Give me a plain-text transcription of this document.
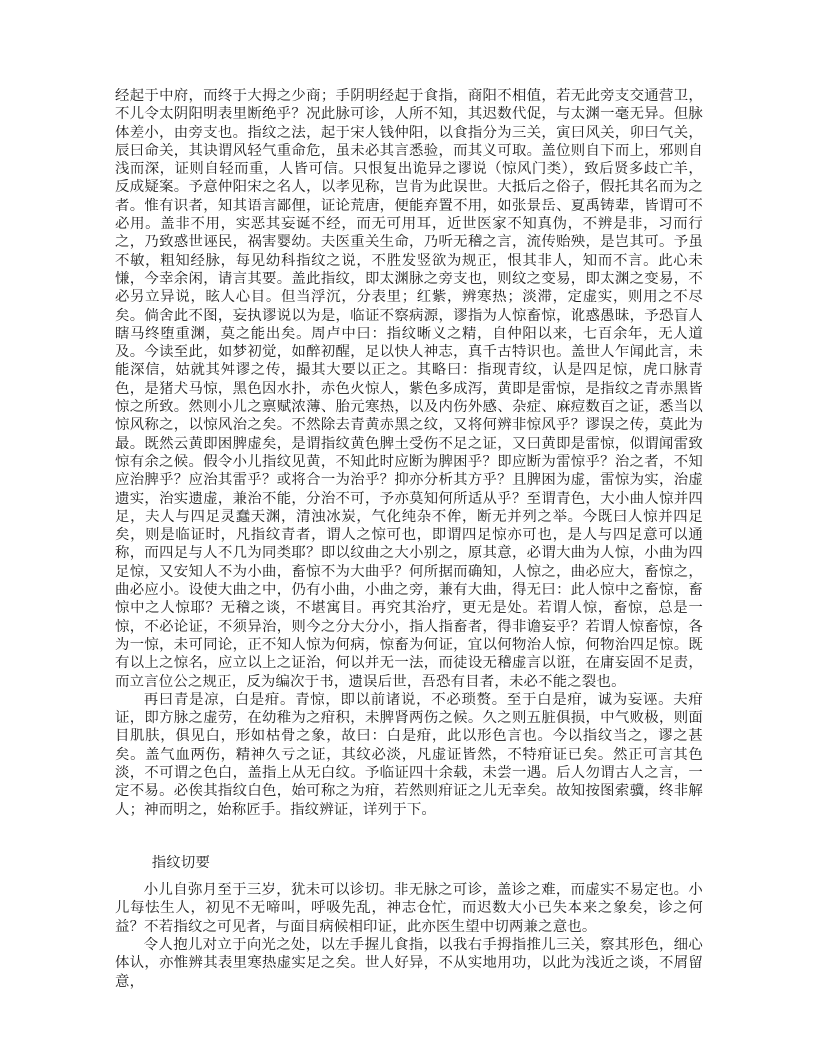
经起于中府，而终于大拇之少商；手阴明经起于食指，商阳不相值，若无此旁支交通营卫，不儿令太阴阳明表里断绝乎？况此脉可诊，人所不知，其迟数代促，与太渊一毫无异。但脉体差小，由旁支也。指纹之法，起于宋人钱仲阳，以食指分为三关，寅曰风关，卯曰气关，辰曰命关，其诀谓风轻气重命危，虽未必其言悉验，而其义可取。盖位则自下而上，邪则自浅而深，证则自轻而重，人皆可信。只恨复出诡异之谬说（惊风门类），致后贤多歧亡羊，反成疑案。予意仲阳宋之名人，以孝见称，岂肯为此误世。大抵后之俗子，假托其名而为之者。惟有识者，知其语言鄙俚，证论荒唐，便能弃置不用，如张景岳、夏禹铸辈，皆谓可不必用。盖非不用，实恶其妄诞不经，而无可用耳，近世医家不知真伪，不辨是非，习而行之，乃致惑世诬民，祸害婴幼。夫医重关生命，乃听无稽之言，流传贻殃，是岂其可。予虽不敏，粗知经脉，每见幼科指纹之说，不胜发竖欲为规正，恨其非人，知而不言。此心未慊，今幸余闲，请言其要。盖此指纹，即太渊脉之旁支也，则纹之变易，即太渊之变易，不必另立异说，眩人心目。但当浮沉，分表里；红紫，辨寒热；淡滞，定虚实，则用之不尽矣。倘舍此不图，妄执谬说以为是，临证不察病源，谬指为人惊畜惊，讹惑愚昧，予恐盲人瞎马终堕重渊，莫之能出矣。周卢中曰：指纹晰义之精，自仲阳以来，七百余年，无人道及。今读至此，如梦初觉，如醉初醒，足以快人神志，真千古特识也。盖世人乍闻此言，未能深信，姑就其舛谬之传，撮其大要以正之。其略曰：指现青纹，认是四足惊，虎口脉青色，是猪犬马惊，黑色因水扑，赤色火惊人，紫色多成泻，黄即是雷惊，是指纹之青赤黑皆惊之所致。然则小儿之禀赋浓薄、胎元寒热，以及内伤外感、杂症、麻痘数百之证，悉当以惊风称之，以惊风治之矣。不然除去青黄赤黑之纹，又将何辨非惊风乎？谬误之传，莫此为最。既然云黄即困脾虚矣，是谓指纹黄色脾土受伤不足之证，又曰黄即是雷惊，似谓闻雷致惊有余之候。假令小儿指纹见黄，不知此时应断为脾困乎？即应断为雷惊乎？治之者，不知应治脾乎？应治其雷乎？或将合一为治乎？抑亦分析其方乎？且脾困为虚，雷惊为实，治虚遗实，治实遗虚，兼治不能，分治不可，予亦莫知何所适从乎？至谓青色，大小曲人惊并四足，夫人与四足灵蠢天渊，清浊冰炭，气化纯杂不侔，断无并列之举。今既曰人惊并四足矣，则是临证时，凡指纹青者，谓人之惊可也，即谓四足惊亦可也，是人与四足意可以通称，而四足与人不几为同类耶？即以纹曲之大小别之，原其意，必谓大曲为人惊，小曲为四足惊，又安知人不为小曲，畜惊不为大曲乎？何所据而确知，人惊之，曲必应大，畜惊之，曲必应小。设使大曲之中，仍有小曲，小曲之旁，兼有大曲，得无曰：此人惊中之畜惊，畜惊中之人惊耶？无稽之谈，不堪寓目。再究其治疗，更无是处。若谓人惊，畜惊，总是一惊，不必论证，不须异治，则今之分大分小，指人指畜者，得非谵妄乎？若谓人惊畜惊，各为一惊，未可同论，正不知人惊为何病，惊畜为何证，宜以何物治人惊，何物治四足惊。既有以上之惊名，应立以上之证治，何以并无一法，而徒设无稽虚言以诳，在庸妄固不足责，而立言位公之规正，反为编次于书，遗误后世，吾恐有目者，未必不能之裂也。

再曰青是凉，白是疳。青惊，即以前诸说，不必琐赘。至于白是疳，诚为妄诬。夫疳证，即方脉之虚劳，在幼稚为之疳积，未脾肾两伤之候。久之则五脏俱损，中气败极，则面目肌肤，俱见白，形如枯骨之象，故曰：白是疳，此以形色言也。今以指纹当之，谬之甚矣。盖气血两伤，精神久亏之证，其纹必淡，凡虚证皆然，不特疳证已矣。然正可言其色淡，不可谓之色白，盖指上从无白纹。予临证四十余载，未尝一遇。后人勿谓古人之言，一定不易。必俟其指纹白色，始可称之为疳，若然则疳证之儿无幸矣。故知按图索骥，终非解人；神而明之，始称匠手。指纹辨证，详列于下。

指纹切要

小儿自弥月至于三岁，犹未可以诊切。非无脉之可诊，盖诊之难，而虚实不易定也。小儿每怯生人，初见不无啼叫，呼吸先乱，神志仓忙，而迟数大小已失本来之象矣，诊之何益？不若指纹之可见者，与面目病候相印证，此亦医生望中切两兼之意也。

令人抱儿对立于向光之处，以左手握儿食指，以我右手拇指推儿三关，察其形色，细心体认，亦惟辨其表里寒热虚实足之矣。世人好异，不从实地用功，以此为浅近之谈，不屑留意，
